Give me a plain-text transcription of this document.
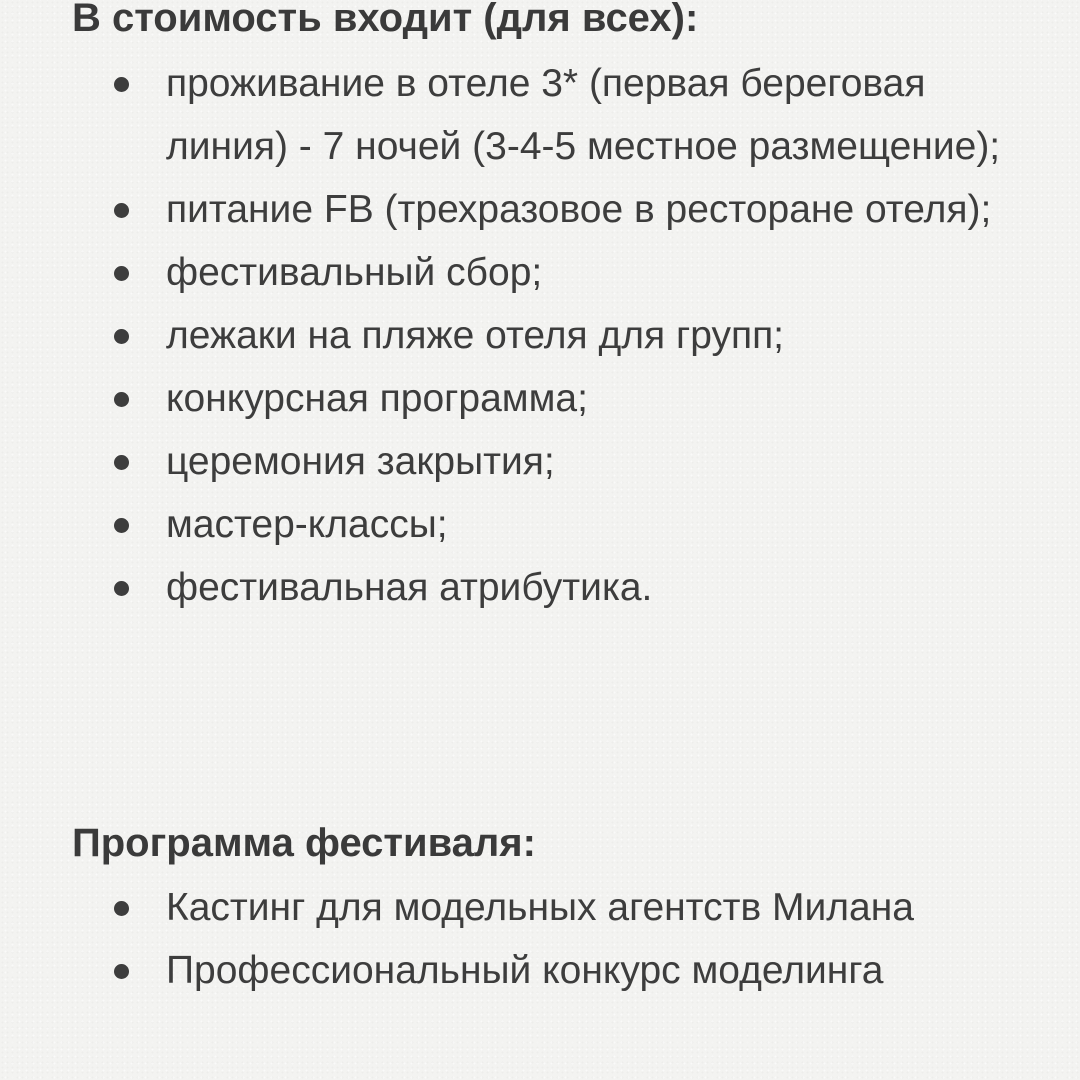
В стоимость входит (для всех):
проживание в отеле 3* (первая береговая линия) - 7 ночей (3-4-5 местное размещение);
питание FB (трехразовое в ресторане отеля);
фестивальный сбор;
лежаки на пляже отеля для групп;
конкурсная программа;
церемония закрытия;
мастер-классы;
фестивальная атрибутика.
Программа фестиваля:
Кастинг для модельных агентств Милана
Профессиональный конкурс моделинга
